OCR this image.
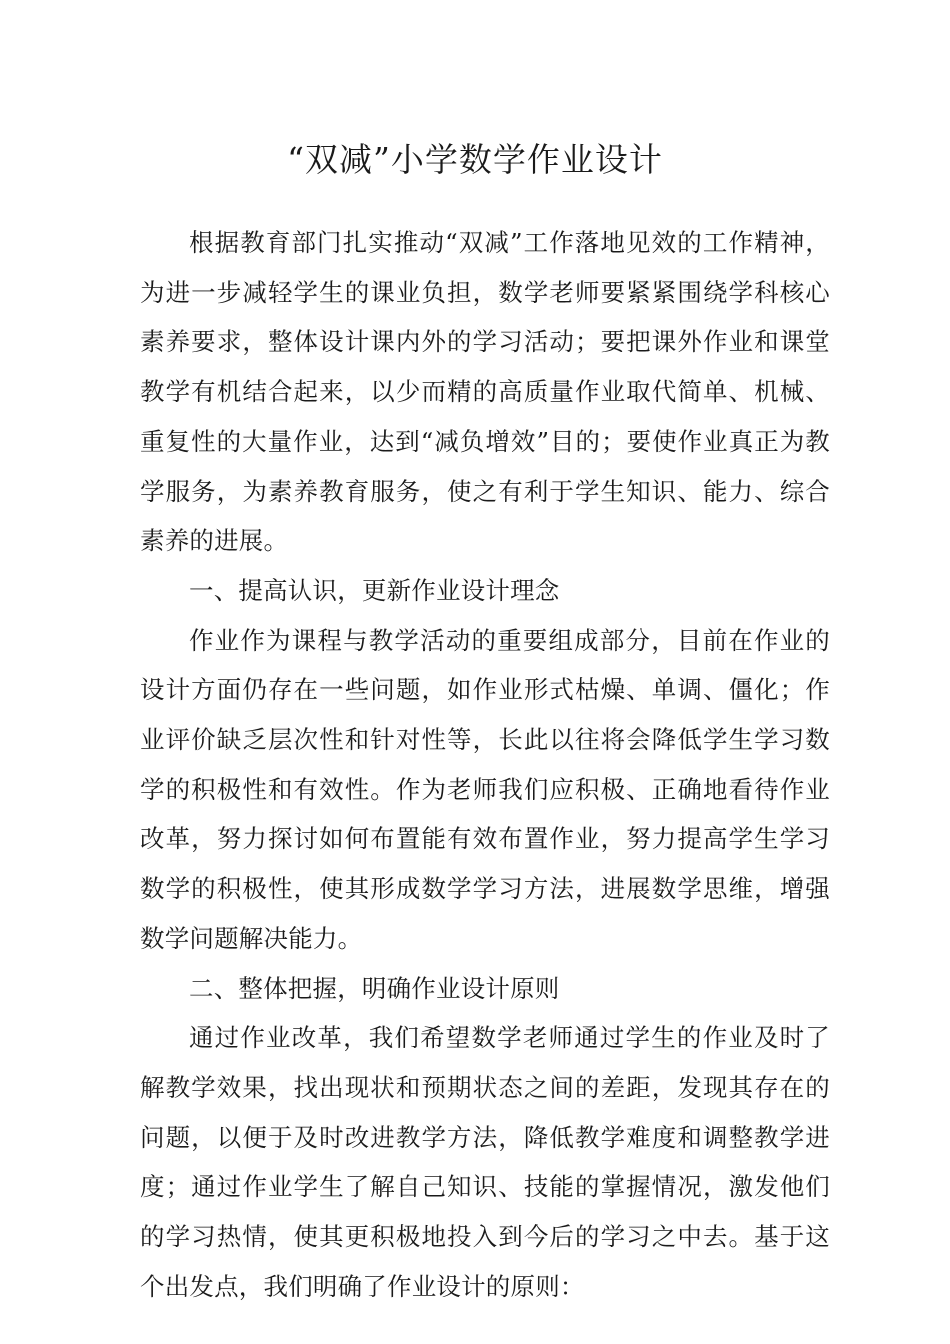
“双减”小学数学作业设计

根据教育部门扎实推动“双减”工作落地见效的工作精神，为进一步减轻学生的课业负担，数学老师要紧紧围绕学科核心素养要求，整体设计课内外的学习活动；要把课外作业和课堂教学有机结合起来，以少而精的高质量作业取代简单、机械、重复性的大量作业，达到“减负增效”目的；要使作业真正为教学服务，为素养教育服务，使之有利于学生知识、能力、综合素养的进展。

一、提高认识，更新作业设计理念

作业作为课程与教学活动的重要组成部分，目前在作业的设计方面仍存在一些问题，如作业形式枯燥、单调、僵化；作业评价缺乏层次性和针对性等，长此以往将会降低学生学习数学的积极性和有效性。作为老师我们应积极、正确地看待作业改革，努力探讨如何布置能有效布置作业，努力提高学生学习数学的积极性，使其形成数学学习方法，进展数学思维，增强数学问题解决能力。

二、整体把握，明确作业设计原则

通过作业改革，我们希望数学老师通过学生的作业及时了解教学效果，找出现状和预期状态之间的差距，发现其存在的问题，以便于及时改进教学方法，降低教学难度和调整教学进度；通过作业学生了解自己知识、技能的掌握情况，激发他们的学习热情，使其更积极地投入到今后的学习之中去。基于这个出发点，我们明确了作业设计的原则：
